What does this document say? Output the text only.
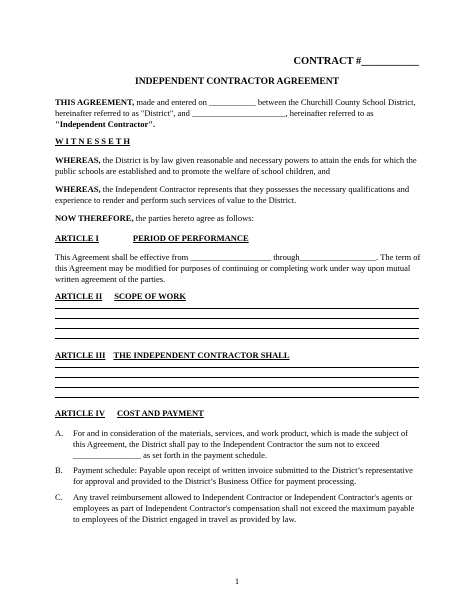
CONTRACT #___________
INDEPENDENT CONTRACTOR AGREEMENT
THIS AGREEMENT, made and entered on ___________ between the Churchill County School District, hereinafter referred to as "District", and ______________________, hereinafter referred to as "Independent Contractor".
W I T N E S S E T H
WHEREAS, the District is by law given reasonable and necessary powers to attain the ends for which the public schools are established and to promote the welfare of school children, and
WHEREAS, the Independent Contractor represents that they possesses the necessary qualifications and experience to render and perform such services of value to the District.
NOW THEREFORE, the parties hereto agree as follows:
ARTICLE I	PERIOD OF PERFORMANCE
This Agreement shall be effective from ___________________ through__________________. The term of this Agreement may be modified for purposes of continuing or completing work under way upon mutual written agreement of the parties.
ARTICLE II SCOPE OF WORK
ARTICLE III THE INDEPENDENT CONTRACTOR SHALL
ARTICLE IV COST AND PAYMENT
A. For and in consideration of the materials, services, and work product, which is made the subject of this Agreement, the District shall pay to the Independent Contractor the sum not to exceed ________________ as set forth in the payment schedule.
B. Payment schedule: Payable upon receipt of written invoice submitted to the District’s representative for approval and provided to the District’s Business Office for payment processing.
C. Any travel reimbursement allowed to Independent Contractor or Independent Contractor's agents or employees as part of Independent Contractor's compensation shall not exceed the maximum payable to employees of the District engaged in travel as provided by law.
1
